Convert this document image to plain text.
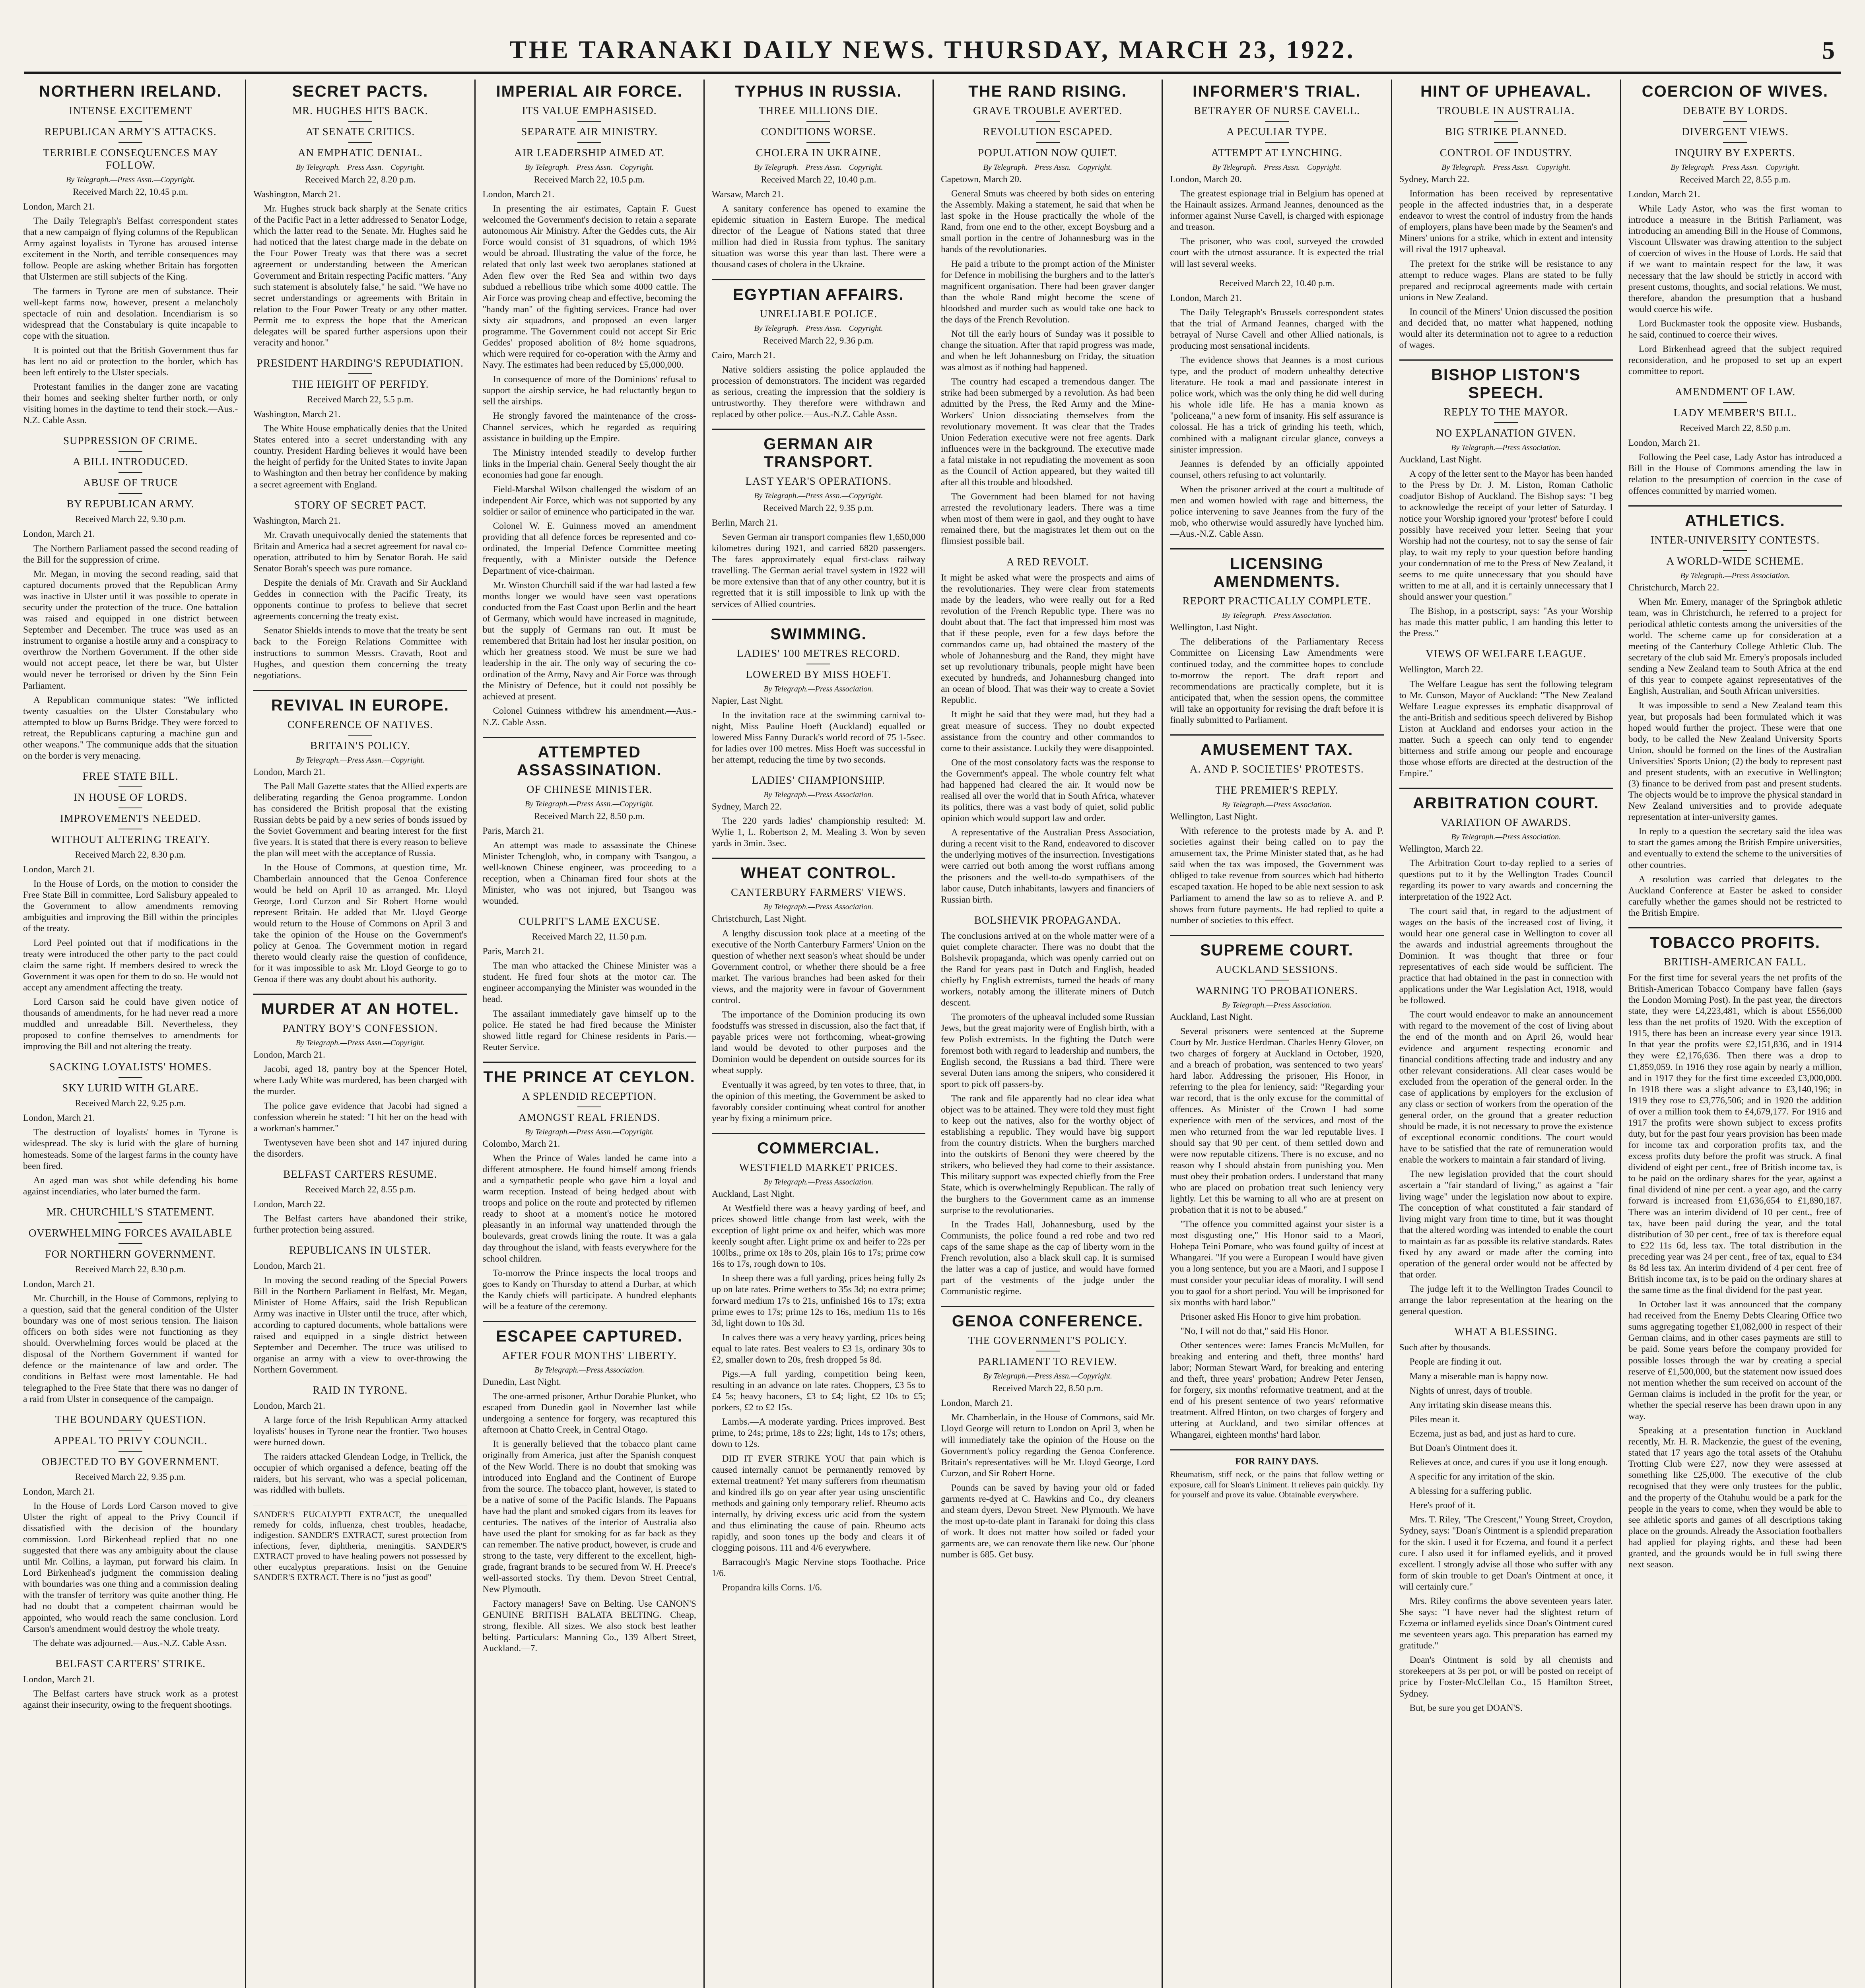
THE TARANAKI DAILY NEWS. THURSDAY, MARCH 23, 1922.	5
NORTHERN IRELAND.
INTENSE EXCITEMENT
REPUBLICAN ARMY'S ATTACKS.
TERRIBLE CONSEQUENCES MAY FOLLOW.
By Telegraph.—Press Assn.—Copyright.
Received March 22, 10.45 p.m.

London, March 21.

The Daily Telegraph's Belfast correspondent states that a new campaign of flying columns of the Republican Army against loyalists in Tyrone has aroused intense excitement in the North, and terrible consequences may follow. People are asking whether Britain has forgotten that Ulstermen are still subjects of the King.

The farmers in Tyrone are men of substance. Their well-kept farms now, however, present a melancholy spectacle of ruin and desolation. Incendiarism is so widespread that the Constabulary is quite incapable to cope with the situation.

It is pointed out that the British Government thus far has lent no aid or protection to the border, which has been left entirely to the Ulster specials.

Protestant families in the danger zone are vacating their homes and seeking shelter further north, or only visiting homes in the daytime to tend their stock.—Aus.-N.Z. Cable Assn.

SUPPRESSION OF CRIME.
A BILL INTRODUCED.
ABUSE OF TRUCE
BY REPUBLICAN ARMY.
Received March 22, 9.30 p.m.

London, March 21.

The Northern Parliament passed the second reading of the Bill for the suppression of crime.

Mr. Megan, in moving the second reading, said that captured documents proved that the Republican Army was inactive in Ulster until it was possible to operate in security under the protection of the truce. One battalion was raised and equipped in one district between September and December. The truce was used as an instrument to organise a hostile army and a conspiracy to overthrow the Northern Government. If the other side would not accept peace, let there be war, but Ulster would never be terrorised or driven by the Sinn Fein Parliament.

A Republican communique states: "We inflicted twenty casualties on the Ulster Constabulary who attempted to blow up Burns Bridge. They were forced to retreat, the Republicans capturing a machine gun and other weapons." The communique adds that the situation on the border is very menacing.

FREE STATE BILL.
IN HOUSE OF LORDS.
IMPROVEMENTS NEEDED.
WITHOUT ALTERING TREATY.
Received March 22, 8.30 p.m.

London, March 21.

In the House of Lords, on the motion to consider the Free State Bill in committee, Lord Salisbury appealed to the Government to allow amendments removing ambiguities and improving the Bill within the principles of the treaty.

Lord Peel pointed out that if modifications in the treaty were introduced the other party to the pact could claim the same right. If members desired to wreck the Government it was open for them to do so. He would not accept any amendment affecting the treaty.

Lord Carson said he could have given notice of thousands of amendments, for he had never read a more muddled and unreadable Bill. Nevertheless, they proposed to confine themselves to amendments for improving the Bill and not altering the treaty.

SACKING LOYALISTS' HOMES.
SKY LURID WITH GLARE.
Received March 22, 9.25 p.m.

London, March 21.

The destruction of loyalists' homes in Tyrone is widespread. The sky is lurid with the glare of burning homesteads. Some of the largest farms in the county have been fired.

An aged man was shot while defending his home against incendiaries, who later burned the farm.

MR. CHURCHILL'S STATEMENT.
OVERWHELMING FORCES AVAILABLE
FOR NORTHERN GOVERNMENT.
Received March 22, 8.30 p.m.

London, March 21.

Mr. Churchill, in the House of Commons, replying to a question, said that the general condition of the Ulster boundary was one of most serious tension. The liaison officers on both sides were not functioning as they should. Overwhelming forces would be placed at the disposal of the Northern Government if wanted for defence or the maintenance of law and order. The conditions in Belfast were most lamentable. He had telegraphed to the Free State that there was no danger of a raid from Ulster in consequence of the campaign.

THE BOUNDARY QUESTION.
APPEAL TO PRIVY COUNCIL.
OBJECTED TO BY GOVERNMENT.
Received March 22, 9.35 p.m.

London, March 21.

In the House of Lords Lord Carson moved to give Ulster the right of appeal to the Privy Council if dissatisfied with the decision of the boundary commission. Lord Birkenhead replied that no one suggested that there was any ambiguity about the clause until Mr. Collins, a layman, put forward his claim. In Lord Birkenhead's judgment the commission dealing with boundaries was one thing and a commission dealing with the transfer of territory was quite another thing. He had no doubt that a competent chairman would be appointed, who would reach the same conclusion. Lord Carson's amendment would destroy the whole treaty.

The debate was adjourned.—Aus.-N.Z. Cable Assn.

BELFAST CARTERS' STRIKE.

London, March 21.

The Belfast carters have struck work as a protest against their insecurity, owing to the frequent shootings.

SECRET PACTS.
MR. HUGHES HITS BACK.
AT SENATE CRITICS.
AN EMPHATIC DENIAL.
By Telegraph.—Press Assn.—Copyright.
Received March 22, 8.20 p.m.

Washington, March 21.

Mr. Hughes struck back sharply at the Senate critics of the Pacific Pact in a letter addressed to Senator Lodge, which the latter read to the Senate. Mr. Hughes said he had noticed that the latest charge made in the debate on the Four Power Treaty was that there was a secret agreement or understanding between the American Government and Britain respecting Pacific matters. "Any such statement is absolutely false," he said. "We have no secret understandings or agreements with Britain in relation to the Four Power Treaty or any other matter. Permit me to express the hope that the American delegates will be spared further aspersions upon their veracity and honor."

PRESIDENT HARDING'S REPUDIATION.
THE HEIGHT OF PERFIDY.
Received March 22, 5.5 p.m.

Washington, March 21.

The White House emphatically denies that the United States entered into a secret understanding with any country. President Harding believes it would have been the height of perfidy for the United States to invite Japan to Washington and then betray her confidence by making a secret agreement with England.

STORY OF SECRET PACT.

Washington, March 21.

Mr. Cravath unequivocally denied the statements that Britain and America had a secret agreement for naval co-operation, attributed to him by Senator Borah. He said Senator Borah's speech was pure romance.

Despite the denials of Mr. Cravath and Sir Auckland Geddes in connection with the Pacific Treaty, its opponents continue to profess to believe that secret agreements concerning the treaty exist.

Senator Shields intends to move that the treaty be sent back to the Foreign Relations Committee with instructions to summon Messrs. Cravath, Root and Hughes, and question them concerning the treaty negotiations.

REVIVAL IN EUROPE.
CONFERENCE OF NATIVES.
BRITAIN'S POLICY.
By Telegraph.—Press Assn.—Copyright.

London, March 21.

The Pall Mall Gazette states that the Allied experts are deliberating regarding the Genoa programme. London has considered the British proposal that the existing Russian debts be paid by a new series of bonds issued by the Soviet Government and bearing interest for the first five years. It is stated that there is every reason to believe the plan will meet with the acceptance of Russia.

In the House of Commons, at question time, Mr. Chamberlain announced that the Genoa Conference would be held on April 10 as arranged. Mr. Lloyd George, Lord Curzon and Sir Robert Horne would represent Britain. He added that Mr. Lloyd George would return to the House of Commons on April 3 and take the opinion of the House on the Government's policy at Genoa. The Government motion in regard thereto would clearly raise the question of confidence, for it was impossible to ask Mr. Lloyd George to go to Genoa if there was any doubt about his authority.

MURDER AT AN HOTEL.
PANTRY BOY'S CONFESSION.
By Telegraph.—Press Assn.—Copyright.

London, March 21.

Jacobi, aged 18, pantry boy at the Spencer Hotel, where Lady White was murdered, has been charged with the murder.

The police gave evidence that Jacobi had signed a confession wherein he stated: "I hit her on the head with a workman's hammer."

Twentyseven have been shot and 147 injured during the disorders.

BELFAST CARTERS RESUME.
Received March 22, 8.55 p.m.

London, March 22.

The Belfast carters have abandoned their strike, further protection being assured.

REPUBLICANS IN ULSTER.

London, March 21.

In moving the second reading of the Special Powers Bill in the Northern Parliament in Belfast, Mr. Megan, Minister of Home Affairs, said the Irish Republican Army was inactive in Ulster until the truce, after which, according to captured documents, whole battalions were raised and equipped in a single district between September and December. The truce was utilised to organise an army with a view to over-throwing the Northern Government.

RAID IN TYRONE.

London, March 21.

A large force of the Irish Republican Army attacked loyalists' houses in Tyrone near the frontier. Two houses were burned down.

The raiders attacked Glendean Lodge, in Trellick, the occupier of which organised a defence, beating off the raiders, but his servant, who was a special policeman, was riddled with bullets.

SANDER'S EUCALYPTI EXTRACT, the unequalled remedy for colds, influenza, chest troubles, headache, indigestion. SANDER'S EXTRACT, surest protection from infections, fever, diphtheria, meningitis. SANDER'S EXTRACT proved to have healing powers not possessed by other eucalyptus preparations. Insist on the Genuine SANDER'S EXTRACT. There is no "just as good"
IMPERIAL AIR FORCE.
ITS VALUE EMPHASISED.
SEPARATE AIR MINISTRY.
AIR LEADERSHIP AIMED AT.
By Telegraph.—Press Assn.—Copyright.
Received March 22, 10.5 p.m.

London, March 21.

In presenting the air estimates, Captain F. Guest welcomed the Government's decision to retain a separate autonomous Air Ministry. After the Geddes cuts, the Air Force would consist of 31 squadrons, of which 19½ would be abroad. Illustrating the value of the force, he related that only last week two aeroplanes stationed at Aden flew over the Red Sea and within two days subdued a rebellious tribe which some 4000 cattle. The Air Force was proving cheap and effective, becoming the "handy man" of the fighting services. France had over sixty air squadrons, and proposed an even larger programme. The Government could not accept Sir Eric Geddes' proposed abolition of 8½ home squadrons, which were required for co-operation with the Army and Navy. The estimates had been reduced by £5,000,000.

In consequence of more of the Dominions' refusal to support the airship service, he had reluctantly begun to sell the airships.

He strongly favored the maintenance of the cross-Channel services, which he regarded as requiring assistance in building up the Empire.

The Ministry intended steadily to develop further links in the Imperial chain. General Seely thought the air economies had gone far enough.

Field-Marshal Wilson challenged the wisdom of an independent Air Force, which was not supported by any soldier or sailor of eminence who participated in the war.

Colonel W. E. Guinness moved an amendment providing that all defence forces be represented and co-ordinated, the Imperial Defence Committee meeting frequently, with a Minister outside the Defence Department of vice-chairman.

Mr. Winston Churchill said if the war had lasted a few months longer we would have seen vast operations conducted from the East Coast upon Berlin and the heart of Germany, which would have increased in magnitude, but the supply of Germans ran out. It must be remembered that Britain had lost her insular position, on which her greatness stood. We must be sure we had leadership in the air. The only way of securing the co-ordination of the Army, Navy and Air Force was through the Ministry of Defence, but it could not possibly be achieved at present.

Colonel Guinness withdrew his amendment.—Aus.-N.Z. Cable Assn.

ATTEMPTED ASSASSINATION.
OF CHINESE MINISTER.
By Telegraph.—Press Assn.—Copyright.
Received March 22, 8.50 p.m.

Paris, March 21.

An attempt was made to assassinate the Chinese Minister Tchengloh, who, in company with Tsangou, a well-known Chinese engineer, was proceeding to a reception, when a Chinaman fired four shots at the Minister, who was not injured, but Tsangou was wounded.

CULPRIT'S LAME EXCUSE.
Received March 22, 11.50 p.m.

Paris, March 21.

The man who attacked the Chinese Minister was a student. He fired four shots at the motor car. The engineer accompanying the Minister was wounded in the head.

The assailant immediately gave himself up to the police. He stated he had fired because the Minister showed little regard for Chinese residents in Paris.—Reuter Service.

THE PRINCE AT CEYLON.
A SPLENDID RECEPTION.
AMONGST REAL FRIENDS.
By Telegraph.—Press Assn.—Copyright.

Colombo, March 21.

When the Prince of Wales landed he came into a different atmosphere. He found himself among friends and a sympathetic people who gave him a loyal and warm reception. Instead of being hedged about with troops and police on the route and protected by riflemen ready to shoot at a moment's notice he motored pleasantly in an informal way unattended through the boulevards, great crowds lining the route. It was a gala day throughout the island, with feasts everywhere for the school children.

To-morrow the Prince inspects the local troops and goes to Kandy on Thursday to attend a Durbar, at which the Kandy chiefs will participate. A hundred elephants will be a feature of the ceremony.

ESCAPEE CAPTURED.
AFTER FOUR MONTHS' LIBERTY.
By Telegraph.—Press Association.

Dunedin, Last Night.

The one-armed prisoner, Arthur Dorabie Plunket, who escaped from Dunedin gaol in November last while undergoing a sentence for forgery, was recaptured this afternoon at Chatto Creek, in Central Otago.

It is generally believed that the tobacco plant came originally from America, just after the Spanish conquest of the New World. There is no doubt that smoking was introduced into England and the Continent of Europe from the source. The tobacco plant, however, is stated to be a native of some of the Pacific Islands. The Papuans have had the plant and smoked cigars from its leaves for centuries. The natives of the interior of Australia also have used the plant for smoking for as far back as they can remember. The native product, however, is crude and strong to the taste, very different to the excellent, high-grade, fragrant brands to be secured from W. H. Preece's well-assorted stocks. Try them. Devon Street Central, New Plymouth.

Factory managers! Save on Belting. Use CANON'S GENUINE BRITISH BALATA BELTING. Cheap, strong, flexible. All sizes. We also stock best leather belting. Particulars: Manning Co., 139 Albert Street, Auckland.—7.

TYPHUS IN RUSSIA.
THREE MILLIONS DIE.
CONDITIONS WORSE.
CHOLERA IN UKRAINE.
By Telegraph.—Press Assn.—Copyright.
Received March 22, 10.40 p.m.

Warsaw, March 21.

A sanitary conference has opened to examine the epidemic situation in Eastern Europe. The medical director of the League of Nations stated that three million had died in Russia from typhus. The sanitary situation was worse this year than last. There were a thousand cases of cholera in the Ukraine.

EGYPTIAN AFFAIRS.
UNRELIABLE POLICE.
By Telegraph.—Press Assn.—Copyright.
Received March 22, 9.36 p.m.

Cairo, March 21.

Native soldiers assisting the police applauded the procession of demonstrators. The incident was regarded as serious, creating the impression that the soldiery is untrustworthy. They therefore were withdrawn and replaced by other police.—Aus.-N.Z. Cable Assn.

GERMAN AIR TRANSPORT.
LAST YEAR'S OPERATIONS.
By Telegraph.—Press Assn.—Copyright.
Received March 22, 9.35 p.m.

Berlin, March 21.

Seven German air transport companies flew 1,650,000 kilometres during 1921, and carried 6820 passengers. The fares approximately equal first-class railway travelling. The German aerial travel system in 1922 will be more extensive than that of any other country, but it is regretted that it is still impossible to link up with the services of Allied countries.

SWIMMING.
LADIES' 100 METRES RECORD.
LOWERED BY MISS HOEFT.
By Telegraph.—Press Association.

Napier, Last Night.

In the invitation race at the swimming carnival to-night, Miss Pauline Hoeft (Auckland) equalled or lowered Miss Fanny Durack's world record of 75 1-5sec. for ladies over 100 metres. Miss Hoeft was successful in her attempt, reducing the time by two seconds.

LADIES' CHAMPIONSHIP.
By Telegraph.—Press Association.

Sydney, March 22.

The 220 yards ladies' championship resulted: M. Wylie 1, L. Robertson 2, M. Mealing 3. Won by seven yards in 3min. 3sec.

WHEAT CONTROL.
CANTERBURY FARMERS' VIEWS.
By Telegraph.—Press Association.

Christchurch, Last Night.

A lengthy discussion took place at a meeting of the executive of the North Canterbury Farmers' Union on the question of whether next season's wheat should be under Government control, or whether there should be a free market. The various branches had been asked for their views, and the majority were in favour of Government control.

The importance of the Dominion producing its own foodstuffs was stressed in discussion, also the fact that, if payable prices were not forthcoming, wheat-growing land would be devoted to other purposes and the Dominion would be dependent on outside sources for its wheat supply.

Eventually it was agreed, by ten votes to three, that, in the opinion of this meeting, the Government be asked to favorably consider continuing wheat control for another year by fixing a minimum price.

COMMERCIAL.
WESTFIELD MARKET PRICES.
By Telegraph.—Press Association.

Auckland, Last Night.

At Westfield there was a heavy yarding of beef, and prices showed little change from last week, with the exception of light prime ox and heifer, which was more keenly sought after. Light prime ox and heifer to 22s per 100lbs., prime ox 18s to 20s, plain 16s to 17s; prime cow 16s to 17s, rough down to 10s.

In sheep there was a full yarding, prices being fully 2s up on late rates. Prime wethers to 35s 3d; no extra prime; forward medium 17s to 21s, unfinished 16s to 17s; extra prime ewes to 17s; prime 12s to 16s, medium 11s to 16s 3d, light down to 10s 3d.

In calves there was a very heavy yarding, prices being equal to late rates. Best vealers to £3 1s, ordinary 30s to £2, smaller down to 20s, fresh dropped 5s 8d.

Pigs.—A full yarding, competition being keen, resulting in an advance on late rates. Choppers, £3 5s to £4 5s; heavy baconers, £3 to £4; light, £2 10s to £5; porkers, £2 to £2 15s.

Lambs.—A moderate yarding. Prices improved. Best prime, to 24s; prime, 18s to 22s; light, 14s to 17s; others, down to 12s.

DID IT EVER STRIKE YOU that pain which is caused internally cannot be permanently removed by external treatment? Yet many sufferers from rheumatism and kindred ills go on year after year using unscientific methods and gaining only temporary relief. Rheumo acts internally, by driving excess uric acid from the system and thus eliminating the cause of pain. Rheumo acts rapidly, and soon tones up the body and clears it of clogging poisons. 111 and 4/6 everywhere.

Barracough's Magic Nervine stops Toothache. Price 1/6.

Propandra kills Corns. 1/6.

THE RAND RISING.
GRAVE TROUBLE AVERTED.
REVOLUTION ESCAPED.
POPULATION NOW QUIET.
By Telegraph.—Press Assn.—Copyright.

Capetown, March 20.

General Smuts was cheered by both sides on entering the Assembly. Making a statement, he said that when he last spoke in the House practically the whole of the Rand, from one end to the other, except Boysburg and a small portion in the centre of Johannesburg was in the hands of the revolutionaries.

He paid a tribute to the prompt action of the Minister for Defence in mobilising the burghers and to the latter's magnificent organisation. There had been graver danger than the whole Rand might become the scene of bloodshed and murder such as would take one back to the days of the French Revolution.

Not till the early hours of Sunday was it possible to change the situation. After that rapid progress was made, and when he left Johannesburg on Friday, the situation was almost as if nothing had happened.

The country had escaped a tremendous danger. The strike had been submerged by a revolution. As had been admitted by the Press, the Red Army and the Mine-Workers' Union dissociating themselves from the revolutionary movement. It was clear that the Trades Union Federation executive were not free agents. Dark influences were in the background. The executive made a fatal mistake in not repudiating the movement as soon as the Council of Action appeared, but they waited till after all this trouble and bloodshed.

The Government had been blamed for not having arrested the revolutionary leaders. There was a time when most of them were in gaol, and they ought to have remained there, but the magistrates let them out on the flimsiest possible bail.

A RED REVOLT.

It might be asked what were the prospects and aims of the revolutionaries. They were clear from statements made by the leaders, who were really out for a Red revolution of the French Republic type. There was no doubt about that. The fact that impressed him most was that if these people, even for a few days before the commandos came up, had obtained the mastery of the whole of Johannesburg and the Rand, they might have set up revolutionary tribunals, people might have been executed by hundreds, and Johannesburg changed into an ocean of blood. That was their way to create a Soviet Republic.

It might be said that they were mad, but they had a great measure of success. They no doubt expected assistance from the country and other commandos to come to their assistance. Luckily they were disappointed.

One of the most consolatory facts was the response to the Government's appeal. The whole country felt what had happened had cleared the air. It would now be realised all over the world that in South Africa, whatever its politics, there was a vast body of quiet, solid public opinion which would support law and order.

A representative of the Australian Press Association, during a recent visit to the Rand, endeavored to discover the underlying motives of the insurrection. Investigations were carried out both among the worst ruffians among the prisoners and the well-to-do sympathisers of the labor cause, Dutch inhabitants, lawyers and financiers of Russian birth.

BOLSHEVIK PROPAGANDA.

The conclusions arrived at on the whole matter were of a quiet complete character. There was no doubt that the Bolshevik propaganda, which was openly carried out on the Rand for years past in Dutch and English, headed chiefly by English extremists, turned the heads of many workers, notably among the illiterate miners of Dutch descent.

The promoters of the upheaval included some Russian Jews, but the great majority were of English birth, with a few Polish extremists. In the fighting the Dutch were foremost both with regard to leadership and numbers, the English second, the Russians a bad third. There were several Duten ians among the snipers, who considered it sport to pick off passers-by.

The rank and file apparently had no clear idea what object was to be attained. They were told they must fight to keep out the natives, also for the worthy object of establishing a republic. They would have big support from the country districts. When the burghers marched into the outskirts of Benoni they were cheered by the strikers, who believed they had come to their assistance. This military support was expected chiefly from the Free State, which is overwhelmingly Republican. The rally of the burghers to the Government came as an immense surprise to the revolutionaries.

In the Trades Hall, Johannesburg, used by the Communists, the police found a red robe and two red caps of the same shape as the cap of liberty worn in the French revolution, also a black skull cap. It is surmised the latter was a cap of justice, and would have formed part of the vestments of the judge under the Communistic regime.

GENOA CONFERENCE.
THE GOVERNMENT'S POLICY.
PARLIAMENT TO REVIEW.
By Telegraph.—Press Assn.—Copyright.
Received March 22, 8.50 p.m.

London, March 21.

Mr. Chamberlain, in the House of Commons, said Mr. Lloyd George will return to London on April 3, when he will immediately take the opinion of the House on the Government's policy regarding the Genoa Conference. Britain's representatives will be Mr. Lloyd George, Lord Curzon, and Sir Robert Horne.

Pounds can be saved by having your old or faded garments re-dyed at C. Hawkins and Co., dry cleaners and steam dyers, Devon Street. New Plymouth. We have the most up-to-date plant in Taranaki for doing this class of work. It does not matter how soiled or faded your garments are, we can renovate them like new. Our 'phone number is 685. Get busy.

INFORMER'S TRIAL.
BETRAYER OF NURSE CAVELL.
A PECULIAR TYPE.
ATTEMPT AT LYNCHING.
By Telegraph.—Press Assn.—Copyright.

London, March 20.

The greatest espionage trial in Belgium has opened at the Hainault assizes. Armand Jeannes, denounced as the informer against Nurse Cavell, is charged with espionage and treason.

The prisoner, who was cool, surveyed the crowded court with the utmost assurance. It is expected the trial will last several weeks.

Received March 22, 10.40 p.m.

London, March 21.

The Daily Telegraph's Brussels correspondent states that the trial of Armand Jeannes, charged with the betrayal of Nurse Cavell and other Allied nationals, is producing most sensational incidents.

The evidence shows that Jeannes is a most curious type, and the product of modern unhealthy detective literature. He took a mad and passionate interest in police work, which was the only thing he did well during his whole idle life. He has a mania known as "policeana," a new form of insanity. His self assurance is colossal. He has a trick of grinding his teeth, which, combined with a malignant circular glance, conveys a sinister impression.

Jeannes is defended by an officially appointed counsel, others refusing to act voluntarily.

When the prisoner arrived at the court a multitude of men and women howled with rage and bitterness, the police intervening to save Jeannes from the fury of the mob, who otherwise would assuredly have lynched him.—Aus.-N.Z. Cable Assn.

LICENSING AMENDMENTS.
REPORT PRACTICALLY COMPLETE.
By Telegraph.—Press Association.

Wellington, Last Night.

The deliberations of the Parliamentary Recess Committee on Licensing Law Amendments were continued today, and the committee hopes to conclude to-morrow the report. The draft report and recommendations are practically complete, but it is anticipated that, when the session opens, the committee will take an opportunity for revising the draft before it is finally submitted to Parliament.

AMUSEMENT TAX.
A. AND P. SOCIETIES' PROTESTS.
THE PREMIER'S REPLY.
By Telegraph.—Press Association.

Wellington, Last Night.

With reference to the protests made by A. and P. societies against their being called on to pay the amusement tax, the Prime Minister stated that, as he had said when the tax was imposed, the Government was obliged to take revenue from sources which had hitherto escaped taxation. He hoped to be able next session to ask Parliament to amend the law so as to relieve A. and P. shows from future payments. He had replied to quite a number of societies to this effect.

SUPREME COURT.
AUCKLAND SESSIONS.
WARNING TO PROBATIONERS.
By Telegraph.—Press Association.

Auckland, Last Night.

Several prisoners were sentenced at the Supreme Court by Mr. Justice Herdman. Charles Henry Glover, on two charges of forgery at Auckland in October, 1920, and a breach of probation, was sentenced to two years' hard labor. Addressing the prisoner, His Honor, in referring to the plea for leniency, said: "Regarding your war record, that is the only excuse for the committal of offences. As Minister of the Crown I had some experience with men of the services, and most of the men who returned from the war led reputable lives. I should say that 90 per cent. of them settled down and were now reputable citizens. There is no excuse, and no reason why I should abstain from punishing you. Men must obey their probation orders. I understand that many who are placed on probation treat such leniency very lightly. Let this be warning to all who are at present on probation that it is not to be abused."

"The offence you committed against your sister is a most disgusting one," His Honor said to a Maori, Hohepa Teini Pomare, who was found guilty of incest at Whangarei. "If you were a European I would have given you a long sentence, but you are a Maori, and I suppose I must consider your peculiar ideas of morality. I will send you to gaol for a short period. You will be imprisoned for six months with hard labor."

Prisoner asked His Honor to give him probation.

"No, I will not do that," said His Honor.

Other sentences were: James Francis McMullen, for breaking and entering and theft, three months' hard labor; Norman Stewart Ward, for breaking and entering and theft, three years' probation; Andrew Peter Jensen, for forgery, six months' reformative treatment, and at the end of his present sentence of two years' reformative treatment. Alfred Hinton, on two charges of forgery and uttering at Auckland, and two similar offences at Whangarei, eighteen months' hard labor.

FOR RAINY DAYS.
Rheumatism, stiff neck, or the pains that follow wetting or exposure, call for Sloan's Liniment. It relieves pain quickly. Try for yourself and prove its value. Obtainable everywhere.
HINT OF UPHEAVAL.
TROUBLE IN AUSTRALIA.
BIG STRIKE PLANNED.
CONTROL OF INDUSTRY.
By Telegraph.—Press Assn.—Copyright.

Sydney, March 22.

Information has been received by representative people in the affected industries that, in a desperate endeavor to wrest the control of industry from the hands of employers, plans have been made by the Seamen's and Miners' unions for a strike, which in extent and intensity will rival the 1917 upheaval.

The pretext for the strike will be resistance to any attempt to reduce wages. Plans are stated to be fully prepared and reciprocal agreements made with certain unions in New Zealand.

In council of the Miners' Union discussed the position and decided that, no matter what happened, nothing would alter its determination not to agree to a reduction of wages.

BISHOP LISTON'S SPEECH.
REPLY TO THE MAYOR.
NO EXPLANATION GIVEN.
By Telegraph.—Press Association.

Auckland, Last Night.

A copy of the letter sent to the Mayor has been handed to the Press by Dr. J. M. Liston, Roman Catholic coadjutor Bishop of Auckland. The Bishop says: "I beg to acknowledge the receipt of your letter of Saturday. I notice your Worship ignored your 'protest' before I could possibly have received your letter. Seeing that your Worship had not the courtesy, not to say the sense of fair play, to wait my reply to your question before handing your condemnation of me to the Press of New Zealand, it seems to me quite unnecessary that you should have written to me at all, and it is certainly unnecessary that I should answer your question."

The Bishop, in a postscript, says: "As your Worship has made this matter public, I am handing this letter to the Press."

VIEWS OF WELFARE LEAGUE.

Wellington, March 22.

The Welfare League has sent the following telegram to Mr. Cunson, Mayor of Auckland: "The New Zealand Welfare League expresses its emphatic disapproval of the anti-British and seditious speech delivered by Bishop Liston at Auckland and endorses your action in the matter. Such a speech can only tend to engender bitterness and strife among our people and encourage those whose efforts are directed at the destruction of the Empire."

ARBITRATION COURT.
VARIATION OF AWARDS.
By Telegraph.—Press Association.

Wellington, March 22.

The Arbitration Court to-day replied to a series of questions put to it by the Wellington Trades Council regarding its power to vary awards and concerning the interpretation of the 1922 Act.

The court said that, in regard to the adjustment of wages on the basis of the increased cost of living, it would hear one general case in Wellington to cover all the awards and industrial agreements throughout the Dominion. It was thought that three or four representatives of each side would be sufficient. The practice that had obtained in the past in connection with applications under the War Legislation Act, 1918, would be followed.

The court would endeavor to make an announcement with regard to the movement of the cost of living about the end of the month and on April 26, would hear evidence and argument respecting economic and financial conditions affecting trade and industry and any other relevant considerations. All clear cases would be excluded from the operation of the general order. In the case of applications by employers for the exclusion of any class or section of workers from the operation of the general order, on the ground that a greater reduction should be made, it is not necessary to prove the existence of exceptional economic conditions. The court would have to be satisfied that the rate of remuneration would enable the workers to maintain a fair standard of living.

The new legislation provided that the court should ascertain a "fair standard of living," as against a "fair living wage" under the legislation now about to expire. The conception of what constituted a fair standard of living might vary from time to time, but it was thought that the altered wording was intended to enable the court to maintain as far as possible its relative standards. Rates fixed by any award or made after the coming into operation of the general order would not be affected by that order.

The judge left it to the Wellington Trades Council to arrange the labor representation at the hearing on the general question.

WHAT A BLESSING.

Such after by thousands.

People are finding it out.

Many a miserable man is happy now.

Nights of unrest, days of trouble.

Any irritating skin disease means this.

Piles mean it.

Eczema, just as bad, and just as hard to cure.

But Doan's Ointment does it.

Relieves at once, and cures if you use it long enough.

A specific for any irritation of the skin.

A blessing for a suffering public.

Here's proof of it.

Mrs. T. Riley, "The Crescent," Young Street, Croydon, Sydney, says: "Doan's Ointment is a splendid preparation for the skin. I used it for Eczema, and found it a perfect cure. I also used it for inflamed eyelids, and it proved excellent. I strongly advise all those who suffer with any form of skin trouble to get Doan's Ointment at once, it will certainly cure."

Mrs. Riley confirms the above seventeen years later. She says: "I have never had the slightest return of Eczema or inflamed eyelids since Doan's Ointment cured me seventeen years ago. This preparation has earned my gratitude."

Doan's Ointment is sold by all chemists and storekeepers at 3s per pot, or will be posted on receipt of price by Foster-McClellan Co., 15 Hamilton Street, Sydney.

But, be sure you get DOAN'S.

COERCION OF WIVES.
DEBATE BY LORDS.
DIVERGENT VIEWS.
INQUIRY BY EXPERTS.
By Telegraph.—Press Assn.—Copyright.
Received March 22, 8.55 p.m.

London, March 21.

While Lady Astor, who was the first woman to introduce a measure in the British Parliament, was introducing an amending Bill in the House of Commons, Viscount Ullswater was drawing attention to the subject of coercion of wives in the House of Lords. He said that if we want to maintain respect for the law, it was necessary that the law should be strictly in accord with present customs, thoughts, and social relations. We must, therefore, abandon the presumption that a husband would coerce his wife.

Lord Buckmaster took the opposite view. Husbands, he said, continued to coerce their wives.

Lord Birkenhead agreed that the subject required reconsideration, and he proposed to set up an expert committee to report.

AMENDMENT OF LAW.
LADY MEMBER'S BILL.
Received March 22, 8.50 p.m.

London, March 21.

Following the Peel case, Lady Astor has introduced a Bill in the House of Commons amending the law in relation to the presumption of coercion in the case of offences committed by married women.

ATHLETICS.
INTER-UNIVERSITY CONTESTS.
A WORLD-WIDE SCHEME.
By Telegraph.—Press Association.

Christchurch, March 22.

When Mr. Emery, manager of the Springbok athletic team, was in Christchurch, he referred to a project for periodical athletic contests among the universities of the world. The scheme came up for consideration at a meeting of the Canterbury College Athletic Club. The secretary of the club said Mr. Emery's proposals included sending a New Zealand team to South Africa at the end of this year to compete against representatives of the English, Australian, and South African universities.

It was impossible to send a New Zealand team this year, but proposals had been formulated which it was hoped would further the project. These were that one body, to be called the New Zealand University Sports Union, should be formed on the lines of the Australian Universities' Sports Union; (2) the body to represent past and present students, with an executive in Wellington; (3) finance to be derived from past and present students. The objects would be to improve the physical standard in New Zealand universities and to provide adequate representation at inter-university games.

In reply to a question the secretary said the idea was to start the games among the British Empire universities, and eventually to extend the scheme to the universities of other countries.

A resolution was carried that delegates to the Auckland Conference at Easter be asked to consider carefully whether the games should not be restricted to the British Empire.

TOBACCO PROFITS.
BRITISH-AMERICAN FALL.

For the first time for several years the net profits of the British-American Tobacco Company have fallen (says the London Morning Post). In the past year, the directors state, they were £4,223,481, which is about £556,000 less than the net profits of 1920. With the exception of 1915, there has been an increase every year since 1913. In that year the profits were £2,151,836, and in 1914 they were £2,176,636. Then there was a drop to £1,859,059. In 1916 they rose again by nearly a million, and in 1917 they for the first time exceeded £3,000,000. In 1918 there was a slight advance to £3,140,196; in 1919 they rose to £3,776,506; and in 1920 the addition of over a million took them to £4,679,177. For 1916 and 1917 the profits were shown subject to excess profits duty, but for the past four years provision has been made for income tax and corporation profits tax, and the excess profits duty before the profit was struck. A final dividend of eight per cent., free of British income tax, is to be paid on the ordinary shares for the year, against a final dividend of nine per cent. a year ago, and the carry forward is increased from £1,636,654 to £1,890,187. There was an interim dividend of 10 per cent., free of tax, have been paid during the year, and the total distribution of 30 per cent., free of tax is therefore equal to £22 11s 6d, less tax. The total distribution in the preceding year was 24 per cent., free of tax, equal to £34 8s 8d less tax. An interim dividend of 4 per cent. free of British income tax, is to be paid on the ordinary shares at the same time as the final dividend for the past year.

In October last it was announced that the company had received from the Enemy Debts Clearing Office two sums aggregating together £1,082,000 in respect of their German claims, and in other cases payments are still to be paid. Some years before the company provided for possible losses through the war by creating a special reserve of £1,500,000, but the statement now issued does not mention whether the sum received on account of the German claims is included in the profit for the year, or whether the special reserve has been drawn upon in any way.

Speaking at a presentation function in Auckland recently, Mr. H. R. Mackenzie, the guest of the evening, stated that 17 years ago the total assets of the Otahuhu Trotting Club were £27, now they were assessed at something like £25,000. The executive of the club recognised that they were only trustees for the public, and the property of the Otahuhu would be a park for the people in the years to come, when they would be able to see athletic sports and games of all descriptions taking place on the grounds. Already the Association footballers had applied for playing rights, and these had been granted, and the grounds would be in full swing there next season.
